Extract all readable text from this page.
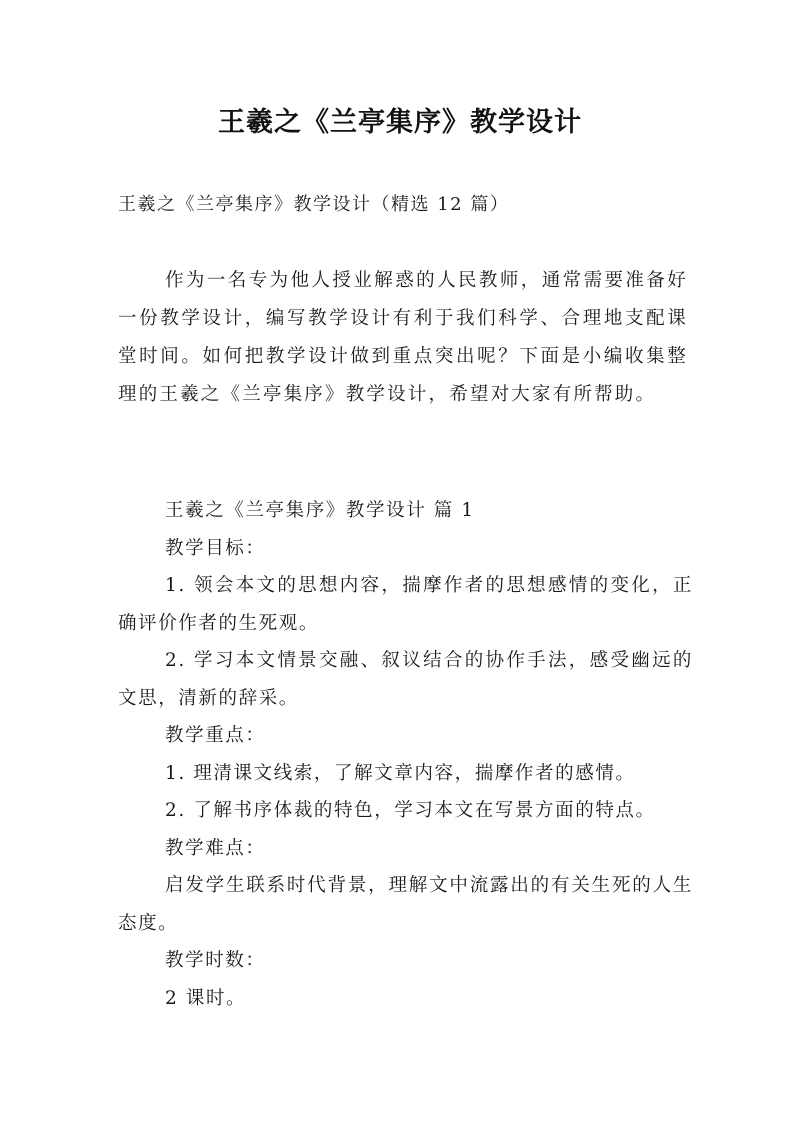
王羲之《兰亭集序》教学设计
王羲之《兰亭集序》教学设计（精选 12 篇）
作为一名专为他人授业解惑的人民教师，通常需要准备好一份教学设计，编写教学设计有利于我们科学、合理地支配课堂时间。如何把教学设计做到重点突出呢？下面是小编收集整理的王羲之《兰亭集序》教学设计，希望对大家有所帮助。

王羲之《兰亭集序》教学设计 篇 1

教学目标：

1. 领会本文的思想内容，揣摩作者的思想感情的变化，正确评价作者的生死观。

2. 学习本文情景交融、叙议结合的协作手法，感受幽远的文思，清新的辞采。

教学重点：

1. 理清课文线索，了解文章内容，揣摩作者的感情。

2. 了解书序体裁的特色，学习本文在写景方面的特点。

教学难点：

启发学生联系时代背景，理解文中流露出的有关生死的人生态度。

教学时数：

2 课时。
